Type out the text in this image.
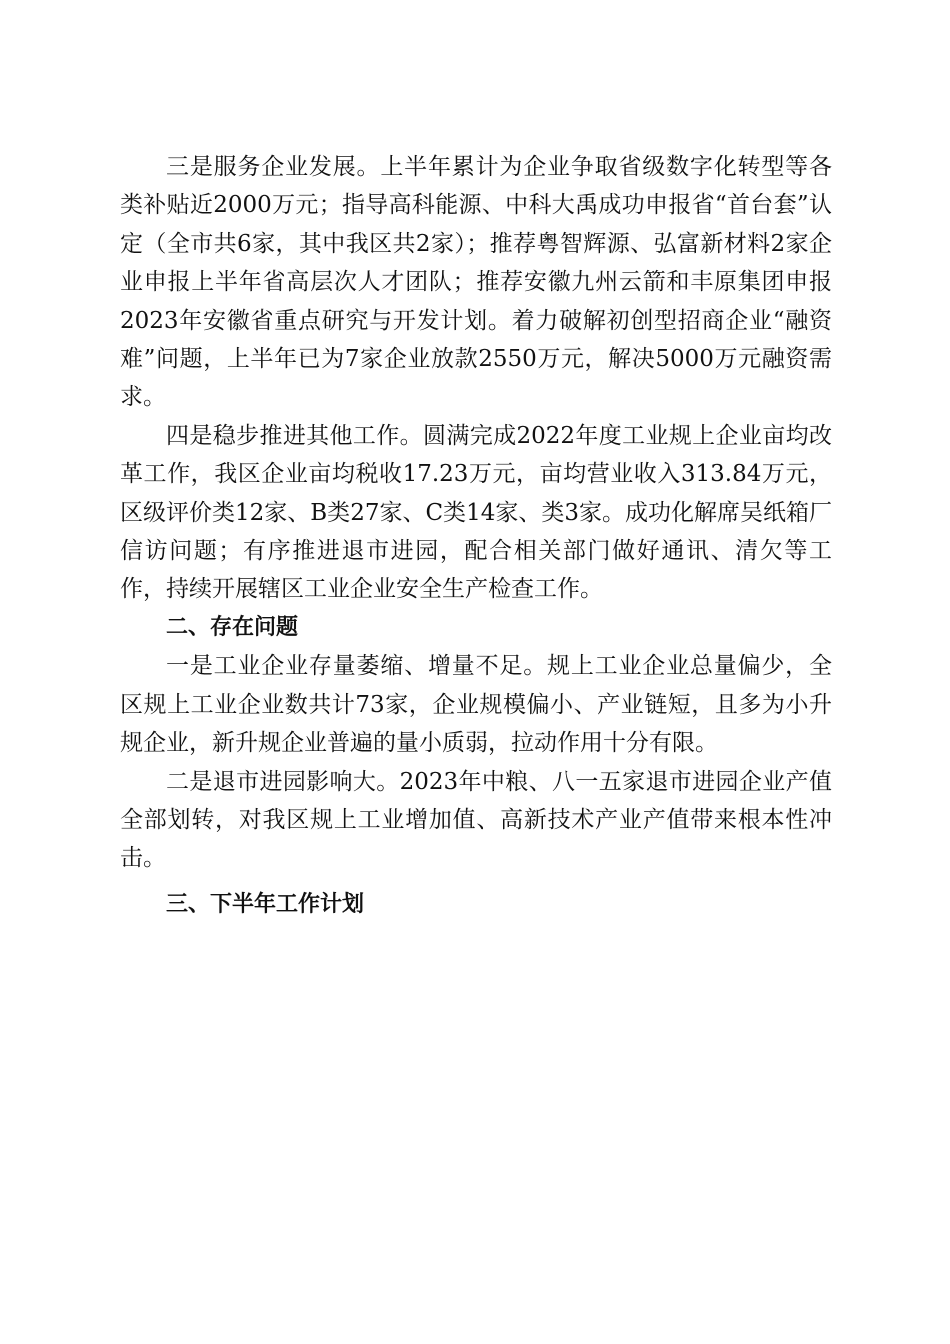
三是服务企业发展。上半年累计为企业争取省级数字化转型等各类补贴近2000万元；指导高科能源、中科大禹成功申报省“首台套”认定（全市共6家，其中我区共2家）；推荐粤智辉源、弘富新材料2家企业申报上半年省高层次人才团队；推荐安徽九州云箭和丰原集团申报2023年安徽省重点研究与开发计划。着力破解初创型招商企业“融资难”问题，上半年已为7家企业放款2550万元，解决5000万元融资需求。

四是稳步推进其他工作。圆满完成2022年度工业规上企业亩均改革工作，我区企业亩均税收17.23万元，亩均营业收入313.84万元，区级评价类12家、B类27家、C类14家、类3家。成功化解席吴纸箱厂信访问题；有序推进退市进园，配合相关部门做好通讯、清欠等工作，持续开展辖区工业企业安全生产检查工作。

二、存在问题

一是工业企业存量萎缩、增量不足。规上工业企业总量偏少，全区规上工业企业数共计73家，企业规模偏小、产业链短，且多为小升规企业，新升规企业普遍的量小质弱，拉动作用十分有限。

二是退市进园影响大。2023年中粮、八一五家退市进园企业产值全部划转，对我区规上工业增加值、高新技术产业产值带来根本性冲击。

三、下半年工作计划
